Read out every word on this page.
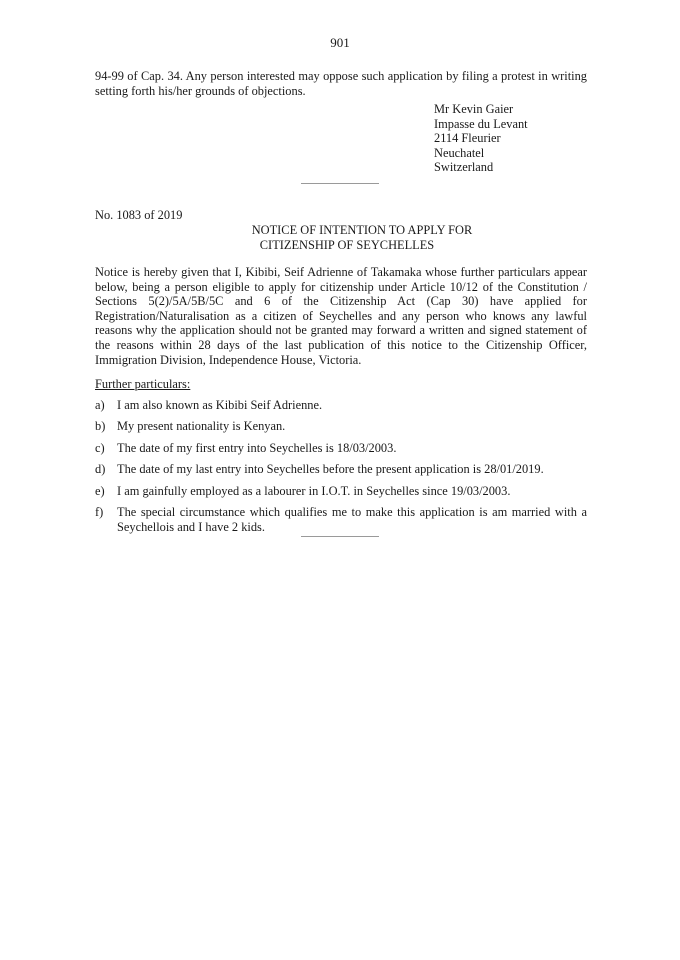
901
94-99 of Cap. 34. Any person interested may oppose such application by filing a protest in writing setting forth his/her grounds of objections.
Mr Kevin Gaier
Impasse du Levant
2114 Fleurier
Neuchatel
Switzerland
No. 1083 of 2019
NOTICE OF INTENTION TO APPLY FOR
CITIZENSHIP OF SEYCHELLES
Notice is hereby given that I, Kibibi, Seif Adrienne of Takamaka whose further particulars appear below, being a person eligible to apply for citizenship under Article 10/12 of the Constitution / Sections 5(2)/5A/5B/5C and 6 of the Citizenship Act (Cap 30) have applied for Registration/Naturalisation as a citizen of Seychelles and any person who knows any lawful reasons why the application should not be granted may forward a written and signed statement of the reasons within 28 days of the last publication of this notice to the Citizenship Officer, Immigration Division, Independence House, Victoria.
Further particulars:
a) I am also known as Kibibi Seif Adrienne.
b) My present nationality is Kenyan.
c) The date of my first entry into Seychelles is 18/03/2003.
d) The date of my last entry into Seychelles before the present application is 28/01/2019.
e) I am gainfully employed as a labourer in I.O.T. in Seychelles since 19/03/2003.
f)	The special circumstance which qualifies me to make this application is am married with a Seychellois and I have 2 kids.
